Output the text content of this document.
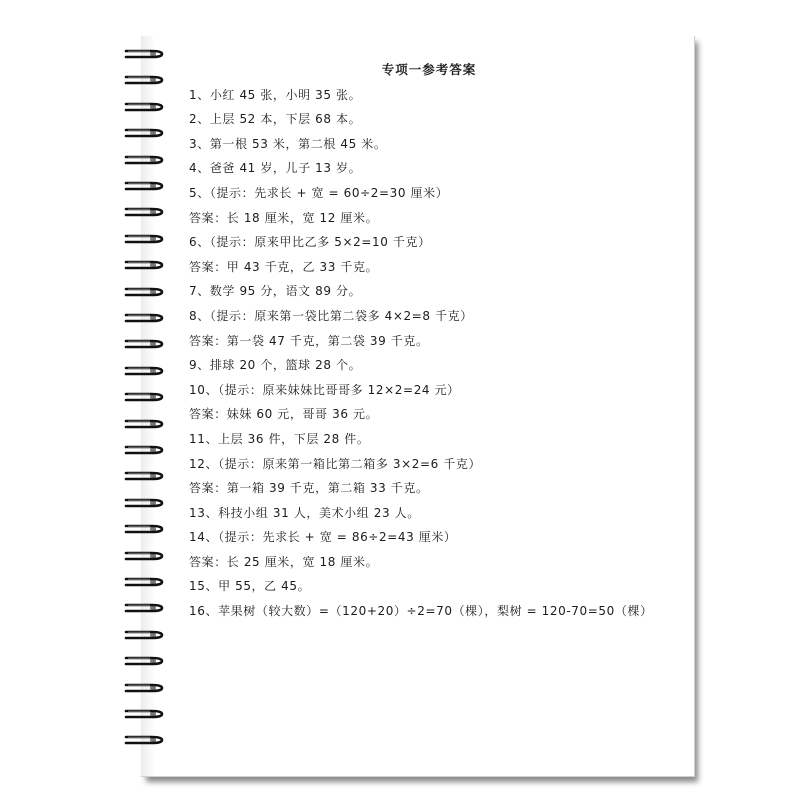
专项一参考答案
1、小红 45 张，小明 35 张。
2、上层 52 本，下层 68 本。
3、第一根 53 米，第二根 45 米。
4、爸爸 41 岁，儿子 13 岁。
5、（提示：先求长 + 宽 = 60÷2=30 厘米）
答案：长 18 厘米，宽 12 厘米。
6、（提示：原来甲比乙多 5×2=10 千克）
答案：甲 43 千克，乙 33 千克。
7、数学 95 分，语文 89 分。
8、（提示：原来第一袋比第二袋多 4×2=8 千克）
答案：第一袋 47 千克，第二袋 39 千克。
9、排球 20 个，篮球 28 个。
10、（提示：原来妹妹比哥哥多 12×2=24 元）
答案：妹妹 60 元，哥哥 36 元。
11、上层 36 件，下层 28 件。
12、（提示：原来第一箱比第二箱多 3×2=6 千克）
答案：第一箱 39 千克，第二箱 33 千克。
13、科技小组 31 人，美术小组 23 人。
14、（提示：先求长 + 宽 = 86÷2=43 厘米）
答案：长 25 厘米，宽 18 厘米。
15、甲 55，乙 45。
16、苹果树（较大数）=（120+20）÷2=70（棵），梨树 = 120-70=50（棵）
